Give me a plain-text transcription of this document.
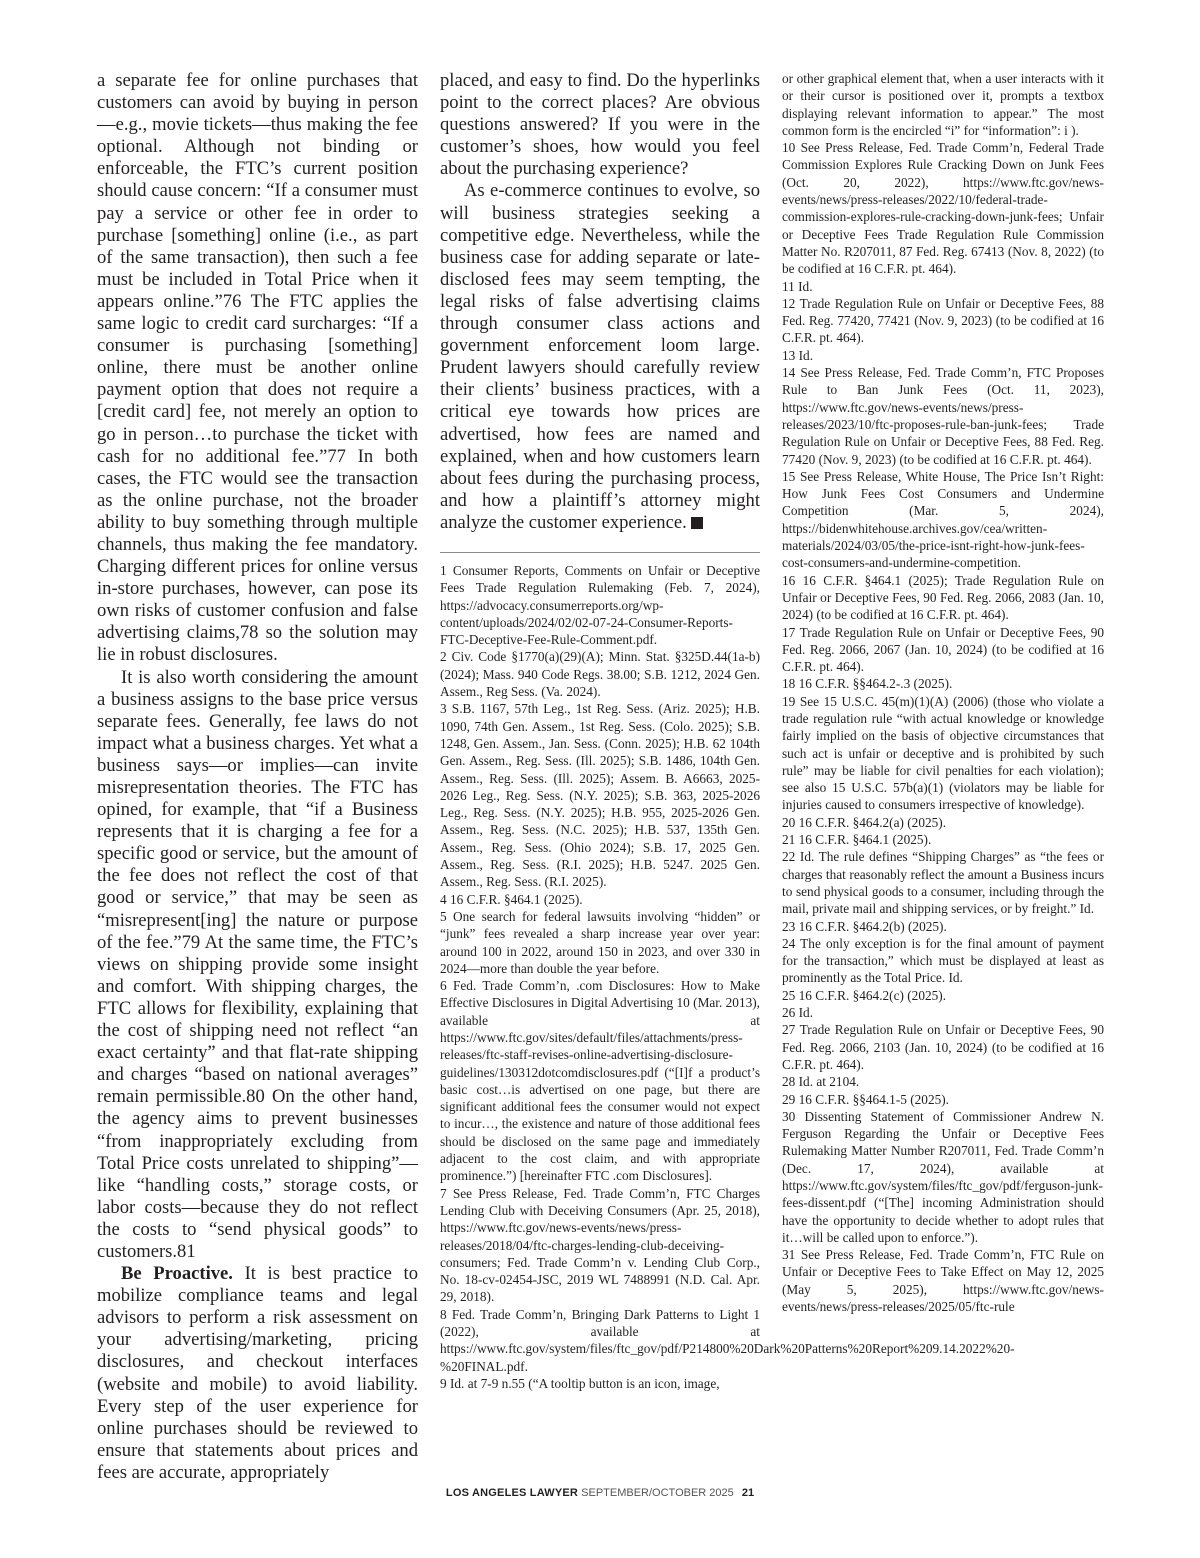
a separate fee for online purchases that customers can avoid by buying in person—e.g., movie tickets—thus making the fee optional. Although not binding or enforceable, the FTC’s current position should cause concern: “If a consumer must pay a service or other fee in order to purchase [something] online (i.e., as part of the same transaction), then such a fee must be included in Total Price when it appears online.”76 The FTC applies the same logic to credit card surcharges: “If a consumer is purchasing [something] online, there must be another online payment option that does not require a [credit card] fee, not merely an option to go in person…to purchase the ticket with cash for no additional fee.”77 In both cases, the FTC would see the transaction as the online purchase, not the broader ability to buy something through multiple channels, thus making the fee mandatory. Charging different prices for online versus in-store purchases, however, can pose its own risks of customer confusion and false advertising claims,78 so the solution may lie in robust disclosures.

It is also worth considering the amount a business assigns to the base price versus separate fees. Generally, fee laws do not impact what a business charges. Yet what a business says—or implies—can invite misrepresentation theories. The FTC has opined, for example, that “if a Business represents that it is charging a fee for a specific good or service, but the amount of the fee does not reflect the cost of that good or service,” that may be seen as “misrepresent[ing] the nature or purpose of the fee.”79 At the same time, the FTC’s views on shipping provide some insight and comfort. With shipping charges, the FTC allows for flexibility, explaining that the cost of shipping need not reflect “an exact certainty” and that flat-rate shipping and charges “based on national averages” remain permissible.80 On the other hand, the agency aims to prevent businesses “from inappropriately excluding from Total Price costs unrelated to shipping”—like “handling costs,” storage costs, or labor costs—because they do not reflect the costs to “send physical goods” to customers.81

Be Proactive. It is best practice to mobilize compliance teams and legal advisors to perform a risk assessment on your advertising/marketing, pricing disclosures, and checkout interfaces (website and mobile) to avoid liability. Every step of the user experience for online purchases should be reviewed to ensure that statements about prices and fees are accurate, appropriately

placed, and easy to find. Do the hyperlinks point to the correct places? Are obvious questions answered? If you were in the customer’s shoes, how would you feel about the purchasing experience?

As e-commerce continues to evolve, so will business strategies seeking a competitive edge. Nevertheless, while the business case for adding separate or late-disclosed fees may seem tempting, the legal risks of false advertising claims through consumer class actions and government enforcement loom large. Prudent lawyers should carefully review their clients’ business practices, with a critical eye towards how prices are advertised, how fees are named and explained, when and how customers learn about fees during the purchasing process, and how a plaintiff’s attorney might analyze the customer experience.

1 Consumer Reports, Comments on Unfair or Deceptive Fees Trade Regulation Rulemaking (Feb. 7, 2024), https://advocacy.consumerreports.org/wp-content/uploads/2024/02/02-07-24-Consumer-Reports-FTC-Deceptive-Fee-Rule-Comment.pdf.

2 Civ. Code §1770(a)(29)(A); Minn. Stat. §325D.44(1a-b) (2024); Mass. 940 Code Regs. 38.00; S.B. 1212, 2024 Gen. Assem., Reg Sess. (Va. 2024).

3 S.B. 1167, 57th Leg., 1st Reg. Sess. (Ariz. 2025); H.B. 1090, 74th Gen. Assem., 1st Reg. Sess. (Colo. 2025); S.B. 1248, Gen. Assem., Jan. Sess. (Conn. 2025); H.B. 62 104th Gen. Assem., Reg. Sess. (Ill. 2025); S.B. 1486, 104th Gen. Assem., Reg. Sess. (Ill. 2025); Assem. B. A6663, 2025-2026 Leg., Reg. Sess. (N.Y. 2025); S.B. 363, 2025-2026 Leg., Reg. Sess. (N.Y. 2025); H.B. 955, 2025-2026 Gen. Assem., Reg. Sess. (N.C. 2025); H.B. 537, 135th Gen. Assem., Reg. Sess. (Ohio 2024); S.B. 17, 2025 Gen. Assem., Reg. Sess. (R.I. 2025); H.B. 5247. 2025 Gen. Assem., Reg. Sess. (R.I. 2025).

4 16 C.F.R. §464.1 (2025).

5 One search for federal lawsuits involving “hidden” or “junk” fees revealed a sharp increase year over year: around 100 in 2022, around 150 in 2023, and over 330 in 2024—more than double the year before.

6 Fed. Trade Comm’n, .com Disclosures: How to Make Effective Disclosures in Digital Advertising 10 (Mar. 2013), available at https://www.ftc.gov/sites/default/files/attachments/press-releases/ftc-staff-revises-online-advertising-disclosure-guidelines/130312dotcomdisclosures.pdf (“[I]f a product’s basic cost…is advertised on one page, but there are significant additional fees the consumer would not expect to incur…, the existence and nature of those additional fees should be disclosed on the same page and immediately adjacent to the cost claim, and with appropriate prominence.”) [hereinafter FTC .com Disclosures].

7 See Press Release, Fed. Trade Comm’n, FTC Charges Lending Club with Deceiving Consumers (Apr. 25, 2018), https://www.ftc.gov/news-events/news/press-releases/2018/04/ftc-charges-lending-club-deceiving-consumers; Fed. Trade Comm’n v. Lending Club Corp., No. 18-cv-02454-JSC, 2019 WL 7488991 (N.D. Cal. Apr. 29, 2018).

8 Fed. Trade Comm’n, Bringing Dark Patterns to Light 1 (2022), available at https://www.ftc.gov/system/files/ftc_gov/pdf/P214800%20Dark%20Patterns%20Report%209.14.2022%20-%20FINAL.pdf.

9 Id. at 7-9 n.55 (“A tooltip button is an icon, image,

or other graphical element that, when a user interacts with it or their cursor is positioned over it, prompts a textbox displaying relevant information to appear.” The most common form is the encircled “i” for “information”: i ).

10 See Press Release, Fed. Trade Comm’n, Federal Trade Commission Explores Rule Cracking Down on Junk Fees (Oct. 20, 2022), https://www.ftc.gov/news-events/news/press-releases/2022/10/federal-trade-commission-explores-rule-cracking-down-junk-fees; Unfair or Deceptive Fees Trade Regulation Rule Commission Matter No. R207011, 87 Fed. Reg. 67413 (Nov. 8, 2022) (to be codified at 16 C.F.R. pt. 464).

11 Id.

12 Trade Regulation Rule on Unfair or Deceptive Fees, 88 Fed. Reg. 77420, 77421 (Nov. 9, 2023) (to be codified at 16 C.F.R. pt. 464).

13 Id.

14 See Press Release, Fed. Trade Comm’n, FTC Proposes Rule to Ban Junk Fees (Oct. 11, 2023), https://www.ftc.gov/news-events/news/press-releases/2023/10/ftc-proposes-rule-ban-junk-fees; Trade Regulation Rule on Unfair or Deceptive Fees, 88 Fed. Reg. 77420 (Nov. 9, 2023) (to be codified at 16 C.F.R. pt. 464).

15 See Press Release, White House, The Price Isn’t Right: How Junk Fees Cost Consumers and Undermine Competition (Mar. 5, 2024), https://bidenwhitehouse.archives.gov/cea/written-materials/2024/03/05/the-price-isnt-right-how-junk-fees-cost-consumers-and-undermine-competition.

16 16 C.F.R. §464.1 (2025); Trade Regulation Rule on Unfair or Deceptive Fees, 90 Fed. Reg. 2066, 2083 (Jan. 10, 2024) (to be codified at 16 C.F.R. pt. 464).

17 Trade Regulation Rule on Unfair or Deceptive Fees, 90 Fed. Reg. 2066, 2067 (Jan. 10, 2024) (to be codified at 16 C.F.R. pt. 464).

18 16 C.F.R. §§464.2-.3 (2025).

19 See 15 U.S.C. 45(m)(1)(A) (2006) (those who violate a trade regulation rule “with actual knowledge or knowledge fairly implied on the basis of objective circumstances that such act is unfair or deceptive and is prohibited by such rule” may be liable for civil penalties for each violation); see also 15 U.S.C. 57b(a)(1) (violators may be liable for injuries caused to consumers irrespective of knowledge).

20 16 C.F.R. §464.2(a) (2025).

21 16 C.F.R. §464.1 (2025).

22 Id. The rule defines “Shipping Charges” as “the fees or charges that reasonably reflect the amount a Business incurs to send physical goods to a consumer, including through the mail, private mail and shipping services, or by freight.” Id.

23 16 C.F.R. §464.2(b) (2025).

24 The only exception is for the final amount of payment for the transaction,” which must be displayed at least as prominently as the Total Price. Id.

25 16 C.F.R. §464.2(c) (2025).

26 Id.

27 Trade Regulation Rule on Unfair or Deceptive Fees, 90 Fed. Reg. 2066, 2103 (Jan. 10, 2024) (to be codified at 16 C.F.R. pt. 464).

28 Id. at 2104.

29 16 C.F.R. §§464.1-5 (2025).

30 Dissenting Statement of Commissioner Andrew N. Ferguson Regarding the Unfair or Deceptive Fees Rulemaking Matter Number R207011, Fed. Trade Comm’n (Dec. 17, 2024), available at https://www.ftc.gov/system/files/ftc_gov/pdf/ferguson-junk-fees-dissent.pdf (“[The] incoming Administration should have the opportunity to decide whether to adopt rules that it…will be called upon to enforce.”).

31 See Press Release, Fed. Trade Comm’n, FTC Rule on Unfair or Deceptive Fees to Take Effect on May 12, 2025 (May 5, 2025), https://www.ftc.gov/news-events/news/press-releases/2025/05/ftc-rule

LOS ANGELES LAWYER SEPTEMBER/OCTOBER 2025 21
